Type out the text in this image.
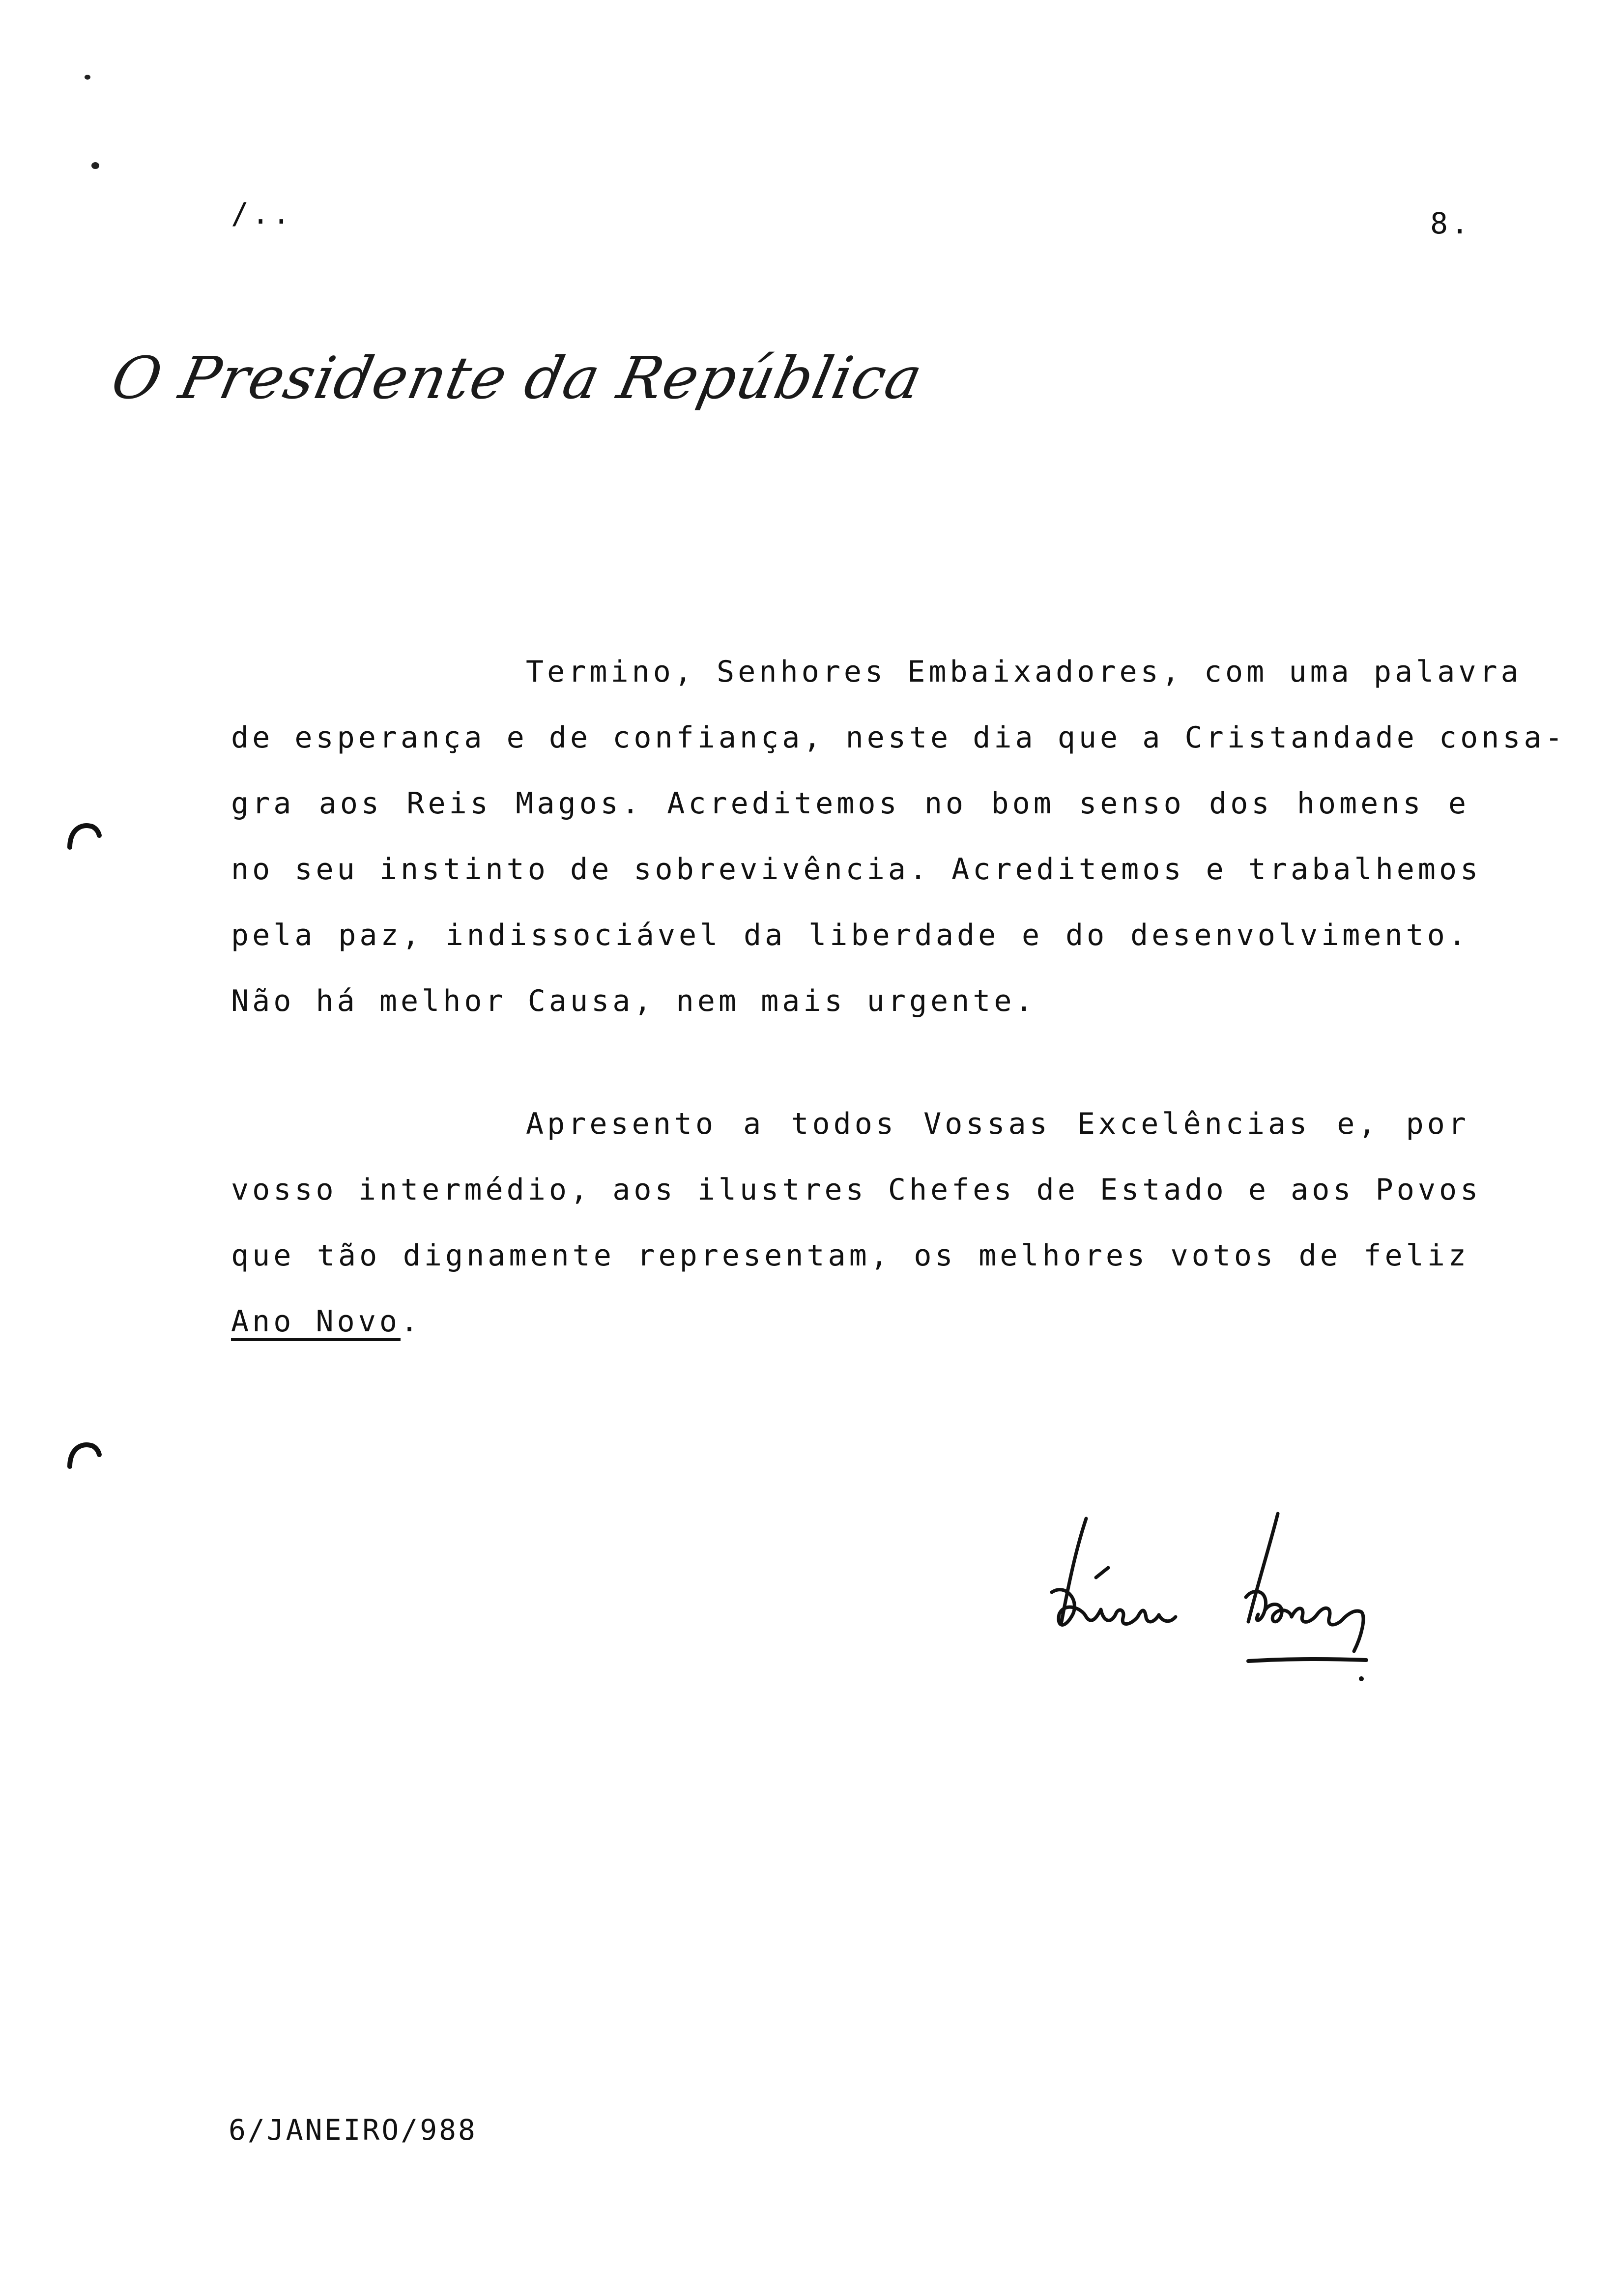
/..	8.
O Presidente da República
Termino, Senhores Embaixadores, com uma palavra
de esperança e de confiança, neste dia que a Cristandade consa-
gra aos Reis Magos. Acreditemos no bom senso dos homens e
no seu instinto de sobrevivência. Acreditemos e trabalhemos
pela paz, indissociável da liberdade e do desenvolvimento.
Não há melhor Causa, nem mais urgente.
Apresento a todos Vossas Excelências e, por
vosso intermédio, aos ilustres Chefes de Estado e aos Povos
que tão dignamente representam, os melhores votos de feliz
Ano Novo.
6/JANEIRO/988
